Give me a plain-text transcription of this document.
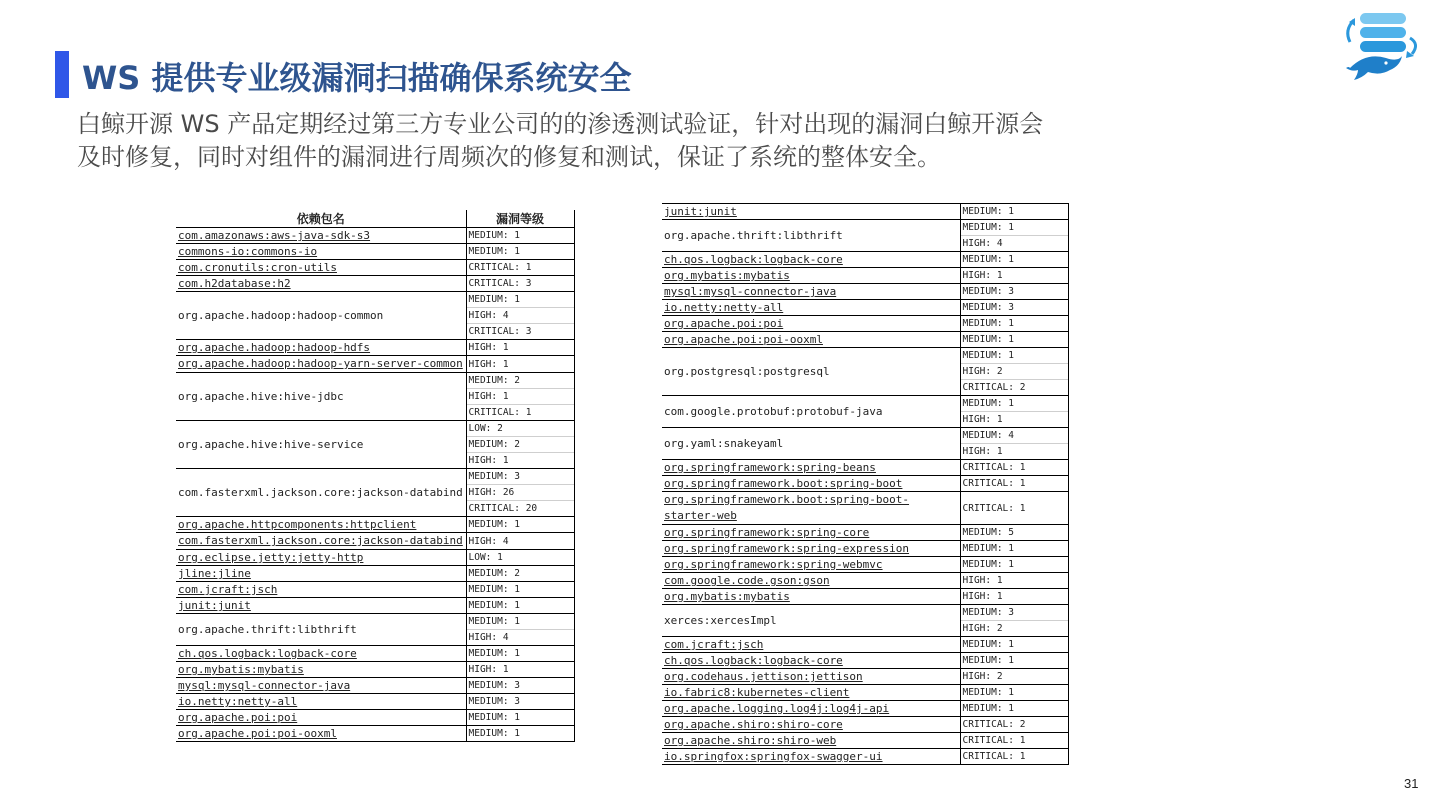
WS 提供专业级漏洞扫描确保系统安全
白鲸开源 WS 产品定期经过第三方专业公司的的渗透测试验证，针对出现的漏洞白鲸开源会
及时修复，同时对组件的漏洞进行周频次的修复和测试，保证了系统的整体安全。
依赖包名	漏洞等级
com.amazonaws:aws-java-sdk-s3	MEDIUM: 1

commons-io:commons-io	MEDIUM: 1

com.cronutils:cron-utils	CRITICAL: 1

com.h2database:h2	CRITICAL: 3

org.apache.hadoop:hadoop-common	MEDIUM: 1
HIGH: 4
CRITICAL: 3

org.apache.hadoop:hadoop-hdfs	HIGH: 1

org.apache.hadoop:hadoop-yarn-server-common	HIGH: 1

org.apache.hive:hive-jdbc	MEDIUM: 2
HIGH: 1
CRITICAL: 1

org.apache.hive:hive-service	LOW: 2
MEDIUM: 2
HIGH: 1

com.fasterxml.jackson.core:jackson-databind	MEDIUM: 3
HIGH: 26
CRITICAL: 20

org.apache.httpcomponents:httpclient	MEDIUM: 1

com.fasterxml.jackson.core:jackson-databind	HIGH: 4

org.eclipse.jetty:jetty-http	LOW: 1

jline:jline	MEDIUM: 2

com.jcraft:jsch	MEDIUM: 1

junit:junit	MEDIUM: 1

org.apache.thrift:libthrift	MEDIUM: 1
HIGH: 4

ch.qos.logback:logback-core	MEDIUM: 1

org.mybatis:mybatis	HIGH: 1

mysql:mysql-connector-java	MEDIUM: 3

io.netty:netty-all	MEDIUM: 3

org.apache.poi:poi	MEDIUM: 1

org.apache.poi:poi-ooxml	MEDIUM: 1
junit:junit	MEDIUM: 1

org.apache.thrift:libthrift	MEDIUM: 1
HIGH: 4

ch.qos.logback:logback-core	MEDIUM: 1

org.mybatis:mybatis	HIGH: 1

mysql:mysql-connector-java	MEDIUM: 3

io.netty:netty-all	MEDIUM: 3

org.apache.poi:poi	MEDIUM: 1

org.apache.poi:poi-ooxml	MEDIUM: 1

org.postgresql:postgresql	MEDIUM: 1
HIGH: 2
CRITICAL: 2

com.google.protobuf:protobuf-java	MEDIUM: 1
HIGH: 1

org.yaml:snakeyaml	MEDIUM: 4
HIGH: 1

org.springframework:spring-beans	CRITICAL: 1

org.springframework.boot:spring-boot	CRITICAL: 1

org.springframework.boot:spring-boot-starter-web	CRITICAL: 1

org.springframework:spring-core	MEDIUM: 5

org.springframework:spring-expression	MEDIUM: 1

org.springframework:spring-webmvc	MEDIUM: 1

com.google.code.gson:gson	HIGH: 1

org.mybatis:mybatis	HIGH: 1

xerces:xercesImpl	MEDIUM: 3
HIGH: 2

com.jcraft:jsch	MEDIUM: 1

ch.qos.logback:logback-core	MEDIUM: 1

org.codehaus.jettison:jettison	HIGH: 2

io.fabric8:kubernetes-client	MEDIUM: 1

org.apache.logging.log4j:log4j-api	MEDIUM: 1

org.apache.shiro:shiro-core	CRITICAL: 2

org.apache.shiro:shiro-web	CRITICAL: 1

io.springfox:springfox-swagger-ui	CRITICAL: 1
31
